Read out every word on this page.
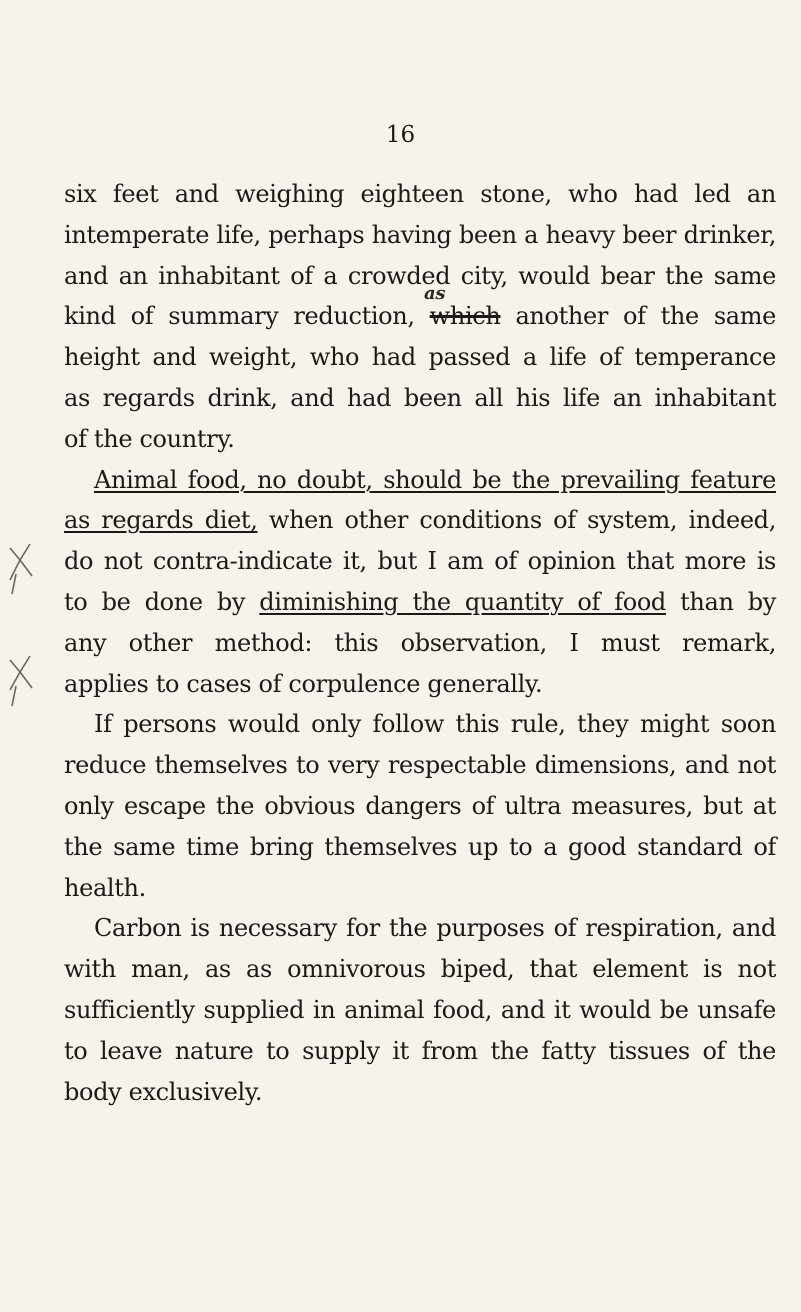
16
six feet and weighing eighteen stone, who had led an
intemperate life, perhaps having been a heavy beer drinker,
and an inhabitant of a crowded city, would bear the same
kind of summary reduction, which another of the same
as
height and weight, who had passed a life of temperance
as regards drink, and had been all his life an inhabitant
of the country.
Animal food, no doubt, should be the prevailing feature
as regards diet, when other conditions of system, indeed,
do not contra-indicate it, but I am of opinion that more is
to be done by diminishing the quantity of food than by
any other method: this observation, I must remark,
applies to cases of corpulence generally.
If persons would only follow this rule, they might soon
reduce themselves to very respectable dimensions, and not
only escape the obvious dangers of ultra measures, but at
the same time bring themselves up to a good standard of
health.
Carbon is necessary for the purposes of respiration, and
with man, as as omnivorous biped, that element is not
sufficiently supplied in animal food, and it would be unsafe
to leave nature to supply it from the fatty tissues of the
body exclusively.
